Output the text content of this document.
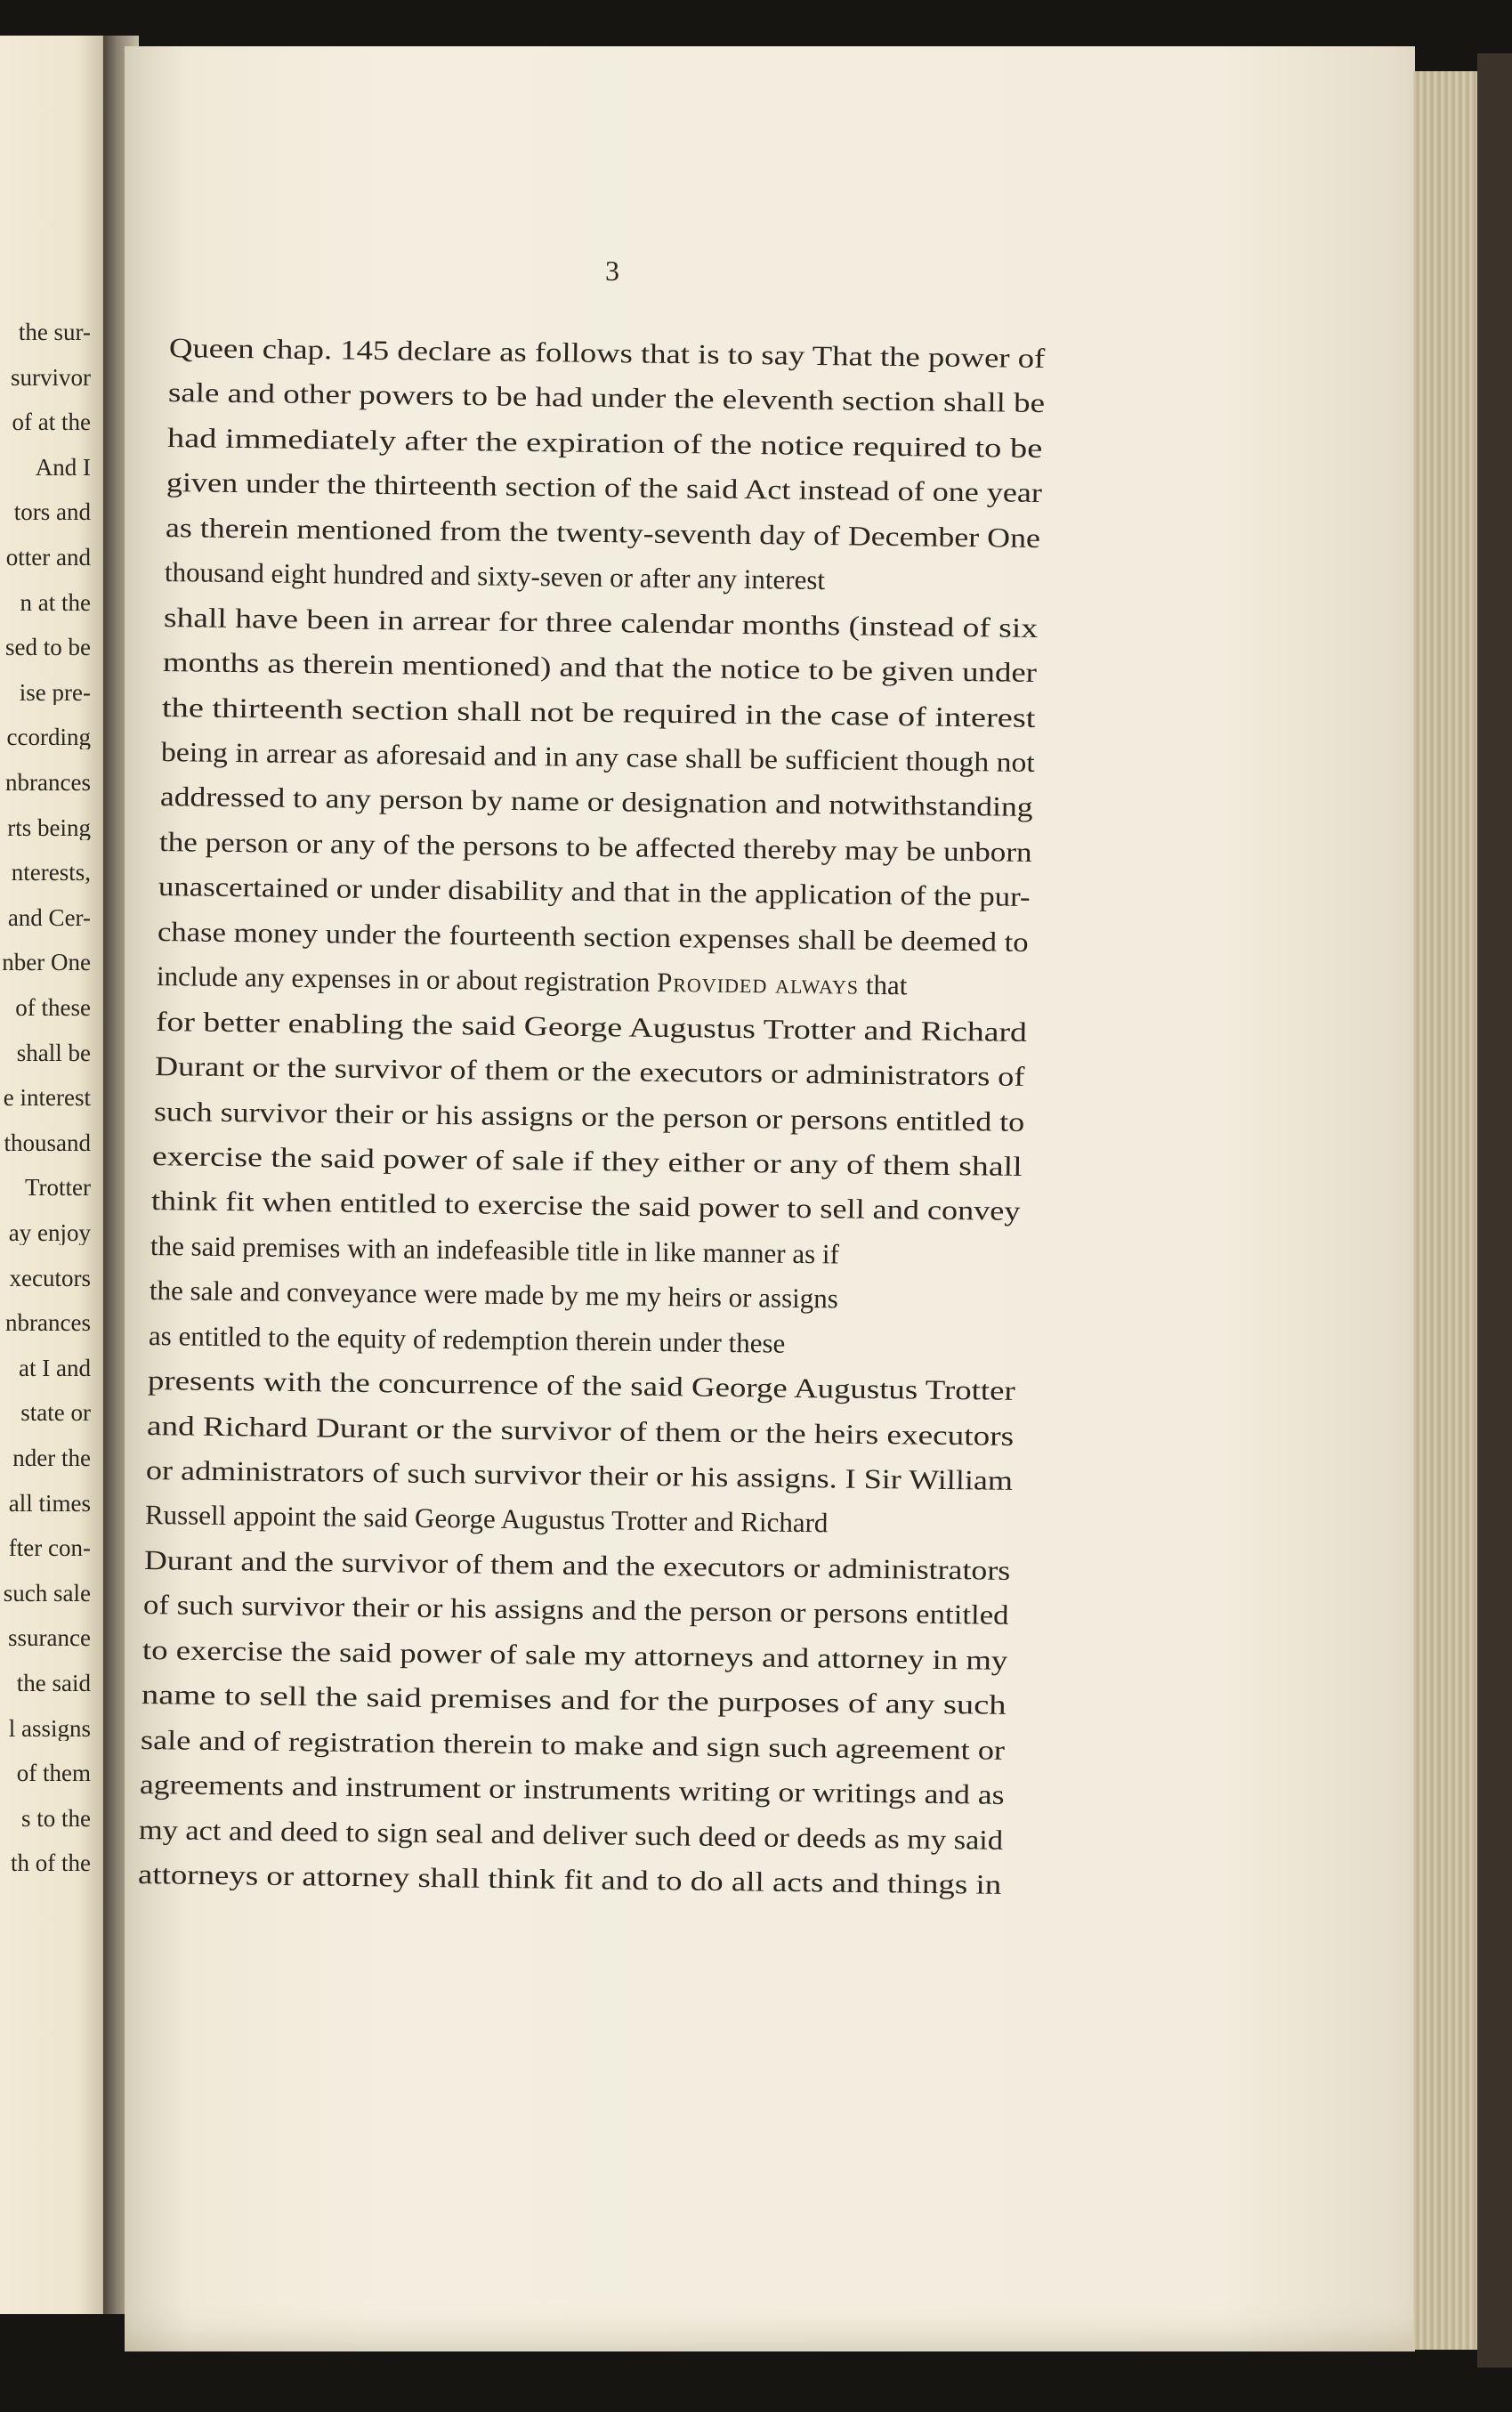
3
the sur-
survivor
of at the
And I
tors and
otter and
n at the
sed to be
ise pre-
ccording
nbrances
rts being
nterests,
and Cer-
nber One
of these
shall be
e interest
thousand
Trotter
ay enjoy
xecutors
nbrances
at I and
state or
nder the
all times
fter con-
such sale
ssurance
the said
l assigns
of them
s to the
th of the
Queen chap. 145 declare as follows that is to say That the power of
sale and other powers to be had under the eleventh section shall be
had immediately after the expiration of the notice required to be
given under the thirteenth section of the said Act instead of one year
as therein mentioned from the twenty-seventh day of December One
thousand eight hundred and sixty-seven or after any interest
shall have been in arrear for three calendar months (instead of six
months as therein mentioned) and that the notice to be given under
the thirteenth section shall not be required in the case of interest
being in arrear as aforesaid and in any case shall be sufficient though not
addressed to any person by name or designation and notwithstanding
the person or any of the persons to be affected thereby may be unborn
unascertained or under disability and that in the application of the pur-
chase money under the fourteenth section expenses shall be deemed to
include any expenses in or about registration Provided always that
for better enabling the said George Augustus Trotter and Richard
Durant or the survivor of them or the executors or administrators of
such survivor their or his assigns or the person or persons entitled to
exercise the said power of sale if they either or any of them shall
think fit when entitled to exercise the said power to sell and convey
the said premises with an indefeasible title in like manner as if
the sale and conveyance were made by me my heirs or assigns
as entitled to the equity of redemption therein under these
presents with the concurrence of the said George Augustus Trotter
and Richard Durant or the survivor of them or the heirs executors
or administrators of such survivor their or his assigns. I Sir William
Russell appoint the said George Augustus Trotter and Richard
Durant and the survivor of them and the executors or administrators
of such survivor their or his assigns and the person or persons entitled
to exercise the said power of sale my attorneys and attorney in my
name to sell the said premises and for the purposes of any such
sale and of registration therein to make and sign such agreement or
agreements and instrument or instruments writing or writings and as
my act and deed to sign seal and deliver such deed or deeds as my said
attorneys or attorney shall think fit and to do all acts and things in
